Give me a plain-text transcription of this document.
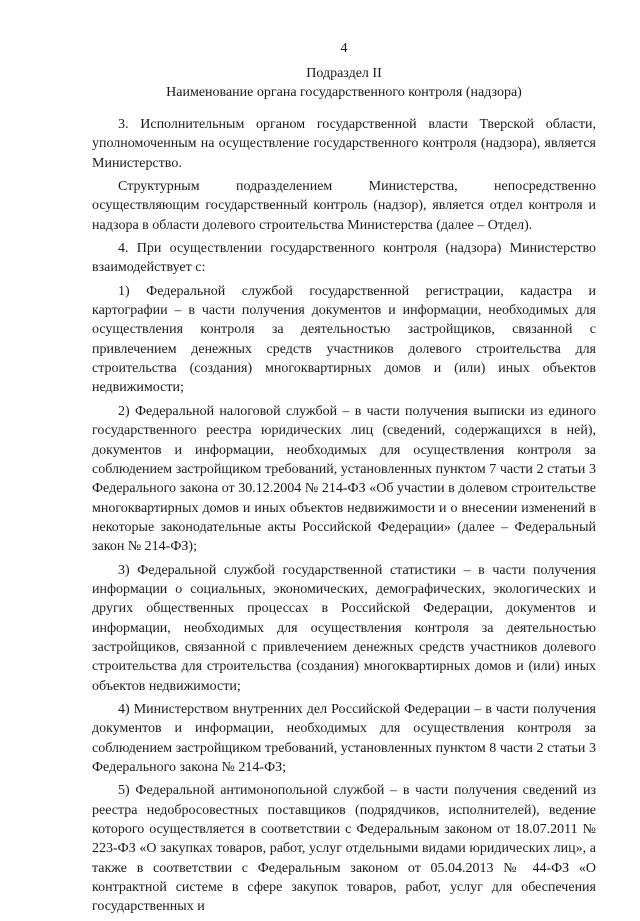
4
Подраздел II
Наименование органа государственного контроля (надзора)

3. Исполнительным органом государственной власти Тверской области, уполномоченным на осуществление государственного контроля (надзора), является Министерство.

Структурным подразделением Министерства, непосредственно осуществляющим государственный контроль (надзор), является отдел контроля и надзора в области долевого строительства Министерства (далее – Отдел).

4. При осуществлении государственного контроля (надзора) Министерство взаимодействует с:

1) Федеральной службой государственной регистрации, кадастра и картографии – в части получения документов и информации, необходимых для осуществления контроля за деятельностью застройщиков, связанной с привлечением денежных средств участников долевого строительства для строительства (создания) многоквартирных домов и (или) иных объектов недвижимости;

2) Федеральной налоговой службой – в части получения выписки из единого государственного реестра юридических лиц (сведений, содержащихся в ней), документов и информации, необходимых для осуществления контроля за соблюдением застройщиком требований, установленных пунктом 7 части 2 статьи 3 Федерального закона от 30.12.2004 № 214-ФЗ «Об участии в долевом строительстве многоквартирных домов и иных объектов недвижимости и о внесении изменений в некоторые законодательные акты Российской Федерации» (далее – Федеральный закон № 214-ФЗ);

3) Федеральной службой государственной статистики – в части получения информации о социальных, экономических, демографических, экологических и других общественных процессах в Российской Федерации, документов и информации, необходимых для осуществления контроля за деятельностью застройщиков, связанной с привлечением денежных средств участников долевого строительства для строительства (создания) многоквартирных домов и (или) иных объектов недвижимости;

4) Министерством внутренних дел Российской Федерации – в части получения документов и информации, необходимых для осуществления контроля за соблюдением застройщиком требований, установленных пунктом 8 части 2 статьи 3 Федерального закона № 214-ФЗ;

5) Федеральной антимонопольной службой – в части получения сведений из реестра недобросовестных поставщиков (подрядчиков, исполнителей), ведение которого осуществляется в соответствии с Федеральным законом от 18.07.2011 № 223-ФЗ «О закупках товаров, работ, услуг отдельными видами юридических лиц», а также в соответствии с Федеральным законом от 05.04.2013 № 44-ФЗ «О контрактной системе в сфере закупок товаров, работ, услуг для обеспечения государственных и
